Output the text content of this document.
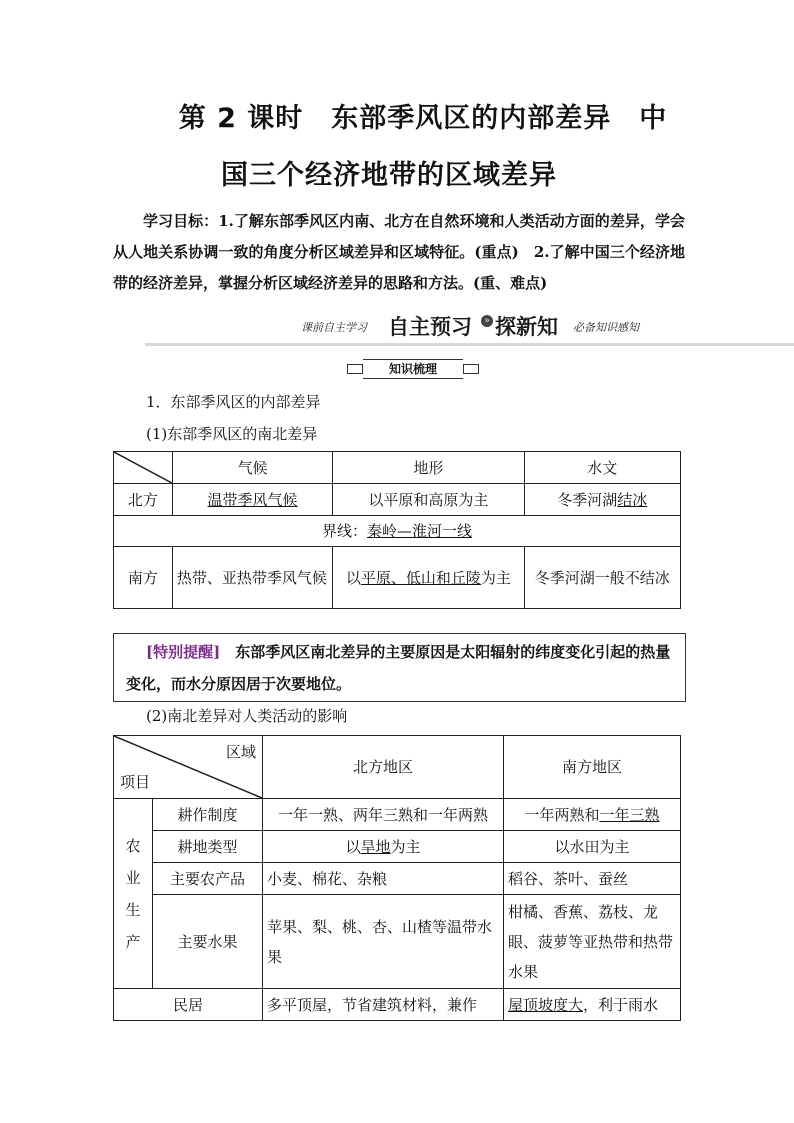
第 2 课时　东部季风区的内部差异　中
国三个经济地带的区域差异

学习目标：1.了解东部季风区内南、北方在自然环境和人类活动方面的差异，学会从人地关系协调一致的角度分析区域差异和区域特征。(重点)　2.了解中国三个经济地带的经济差异，掌握分析区域经济差异的思路和方法。(重、难点)

课前自主学习 自主预习	» 探新知 必备知识感知
知识梳理

1．东部季风区的内部差异

(1)东部季风区的南北差异

	气候	地形	水文
北方	温带季风气候	以平原和高原为主	冬季河湖结冰
界线：秦岭—淮河一线			
南方	热带、亚热带季风气候	以平原、低山和丘陵为主	冬季河湖一般不结冰
[特别提醒]　东部季风区南北差异的主要原因是太阳辐射的纬度变化引起的热量变化，而水分原因居于次要地位。

(2)南北差异对人类活动的影响

区域
项目		北方地区	南方地区
农
业
生
产	耕作制度	一年一熟、两年三熟和一年两熟	一年两熟和一年三熟
	耕地类型	以旱地为主	以水田为主
	主要农产品	小麦、棉花、杂粮	稻谷、茶叶、蚕丝
	主要水果	苹果、梨、桃、杏、山楂等温带水果	柑橘、香蕉、荔枝、龙眼、菠萝等亚热带和热带水果
民居		多平顶屋，节省建筑材料，兼作	屋顶坡度大，利于雨水
